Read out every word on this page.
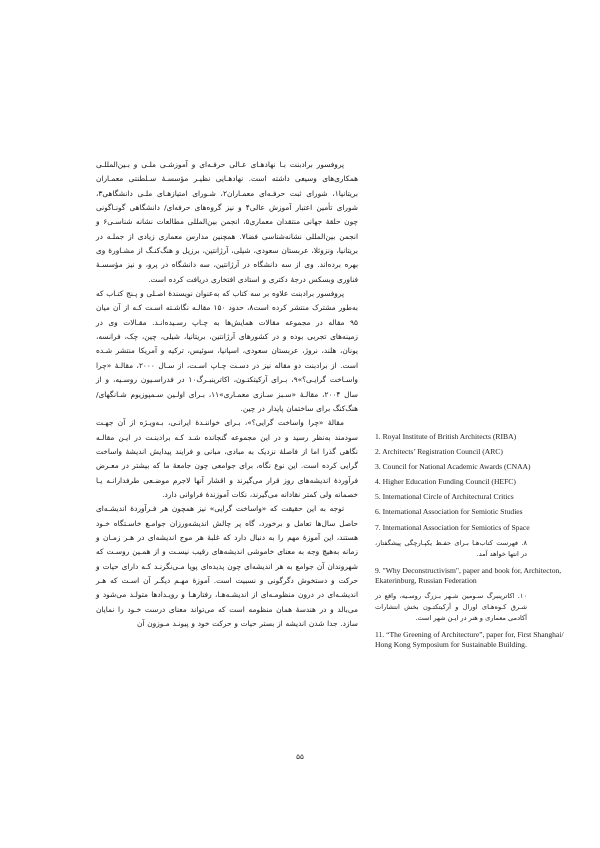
پروفسور برادبنت بـا نهادهـای عـالی حرفـه‌ای و آموزشـی ملـی و بـین‌المللـی همکاری‌های وسیعی داشته است. نهادهـایی نظیـر مؤسسـهٔ سـلطنتی معمـاران بریتانیا۱، شورای ثبت حرفـه‌ای معمـاران۲، شـورای امتیازهـای ملـی دانشگاهی۳، شورای تأمین اعتبار آموزش عالی۴ و نیز گروه‌های حرفه‌ای/ دانشگاهی گونـاگونی چون حلقهٔ جهانی منتقدان معماری۵، انجمن بین‌المللی مطالعات نشانه شناسـی۶ و انجمن بین‌المللی نشانه‌شناسی فضا۷. همچنین مدارس معماری زیادی از جملـه در بریتانیا، ونزوئلا، عربستان سعودی، شیلی، آرژانتین، برزیل و هنگ‌کنـگ از مشـاورهٔ وی بهره برده‌اند. وی از سه دانشگاه در آرژانتین، سه دانشگاه در پرو، و نیز مؤسسـهٔ فناوری وبسکس درجهٔ دکتری و استادی افتخاری دریافت کرده است.

پروفسور برادبنت علاوه بر سه کتاب که به‌عنوان نویسندهٔ اصـلی و پـنج کتـاب که به‌طور مشترک منتشر کرده است۸، حدود ۱۵۰ مقالـه نگاشـته اسـت کـه از آن میان ۹۵ مقاله در مجموعه مقالات همایش‌ها به چـاپ رسـیده‌انـد. مقـالات وی در زمینه‌های تجربی بوده و در کشورهای آرژانتین، بریتانیا، شیلی، چین، چک، فرانسه، یونان، هلند، نروژ، عربستان سعودی، اسپانیا، سوئیس، ترکیه و آمریکا منتشر شـده است. از برادبنت دو مقاله نیز در دسـت چـاپ اسـت، از سـال ۲۰۰۰، مقالـهٔ «چرا واسـاخت گرایـی؟»۹، بـرای آرکیتکتـون، اکاترینبـرگ۱۰ در فدراسـیون روسـیه، و از سال ۲۰۰۴، مقالـهٔ «سـبز سـازی معمـاری»۱۱، بـرای اولـین سـمپوزیوم شـانگهای/ هنگ‌کنگ برای ساختمان پایدار در چین.

مقالهٔ «چرا واساخت گرایی؟»، بـرای خواننـدهٔ ایرانـی، بـه‌ویـژه از آن جهـت سودمند به‌نظر رسید و در این مجموعه گنجانده شـد کـه برادبنـت در ایـن مقالـه نگاهی گذرا اما از فاصلهٔ نزدیک به مبادی، مبانی و فرایند پیدایش اندیشهٔ واساخت گرایی کرده است. این نوع نگاه، برای جوامعی چون جامعهٔ ما که بیشتر در معـرض فرآوردهٔ اندیشه‌های روز قرار می‌گیرند و اقشار آنها لاجرم موضـعی طرفدارانـه یـا خصمانه ولی کمتر نقادانه می‌گیرند، نکات آموزندهٔ فراوانی دارد.

توجه به این حقیقت که «واساخت گرایی» نیز همچون هر فـرآوردهٔ اندیشـه‌ای حاصل سال‌ها تعامل و برخورد، گاه پر چالش اندیشه‌ورزان جوامـع خاسـتگاه خـود هستند، این آموزهٔ مهم را به دنبال دارد که غلبهٔ هر موج اندیشه‌ای در هـر زمـان و زمانه به‌هیچ وجه به معنای خاموشی اندیشه‌های رقیب نیسـت و از همـین روسـت که شهروندان آن جوامع به هر اندیشه‌ای چون پدیده‌ای پویا مـی‌نگرنـد کـه دارای حیات و حرکت و دستخوش دگرگونی و نسبیت است. آموزهٔ مهـم دیگـر آن اسـت که هـر اندیشـه‌ای در درون منظومـه‌ای از اندیشـه‌هـا، رفتارهـا و رویـدادها متولـد می‌شود و می‌بالد و در هندسهٔ همان منظومه است که می‌تواند معنای درست خـود را نمایان سازد. جدا شدن اندیشه از بستر حیات و حرکت خود و پیونـد مـوزون آن

1. Royal Institute of British Architects (RIBA)

2. Architects’ Registration Council (ARC)

3. Council for National Academic Awards (CNAA)

4. Higher Education Funding Council (HEFC)

5. International Circle of Architectural Critics

6. International Association for Semiotic Studies

7. International Association for Semiotics of Space

۸. فهرست کتاب‌هـا بـرای حفـظ یکپـارچگی پیشگفتار، در انتها خواهد آمد.

9. "Why Deconstructivism", paper and book for, Architecton, Ekaterinburg, Russian Federation

۱۰. اکاترینبرگ سـومین شـهر بـزرگ روسـیه، واقع در شـرق کـوه‌هـای اورال و آرکیتکتـون بخش انتشارات آکادمی معماری و هنر در ایـن شهر است.

11. “The Greening of Architecture”, paper for, First Shanghai/ Hong Kong Symposium for Sustainable Building.

۵۵
